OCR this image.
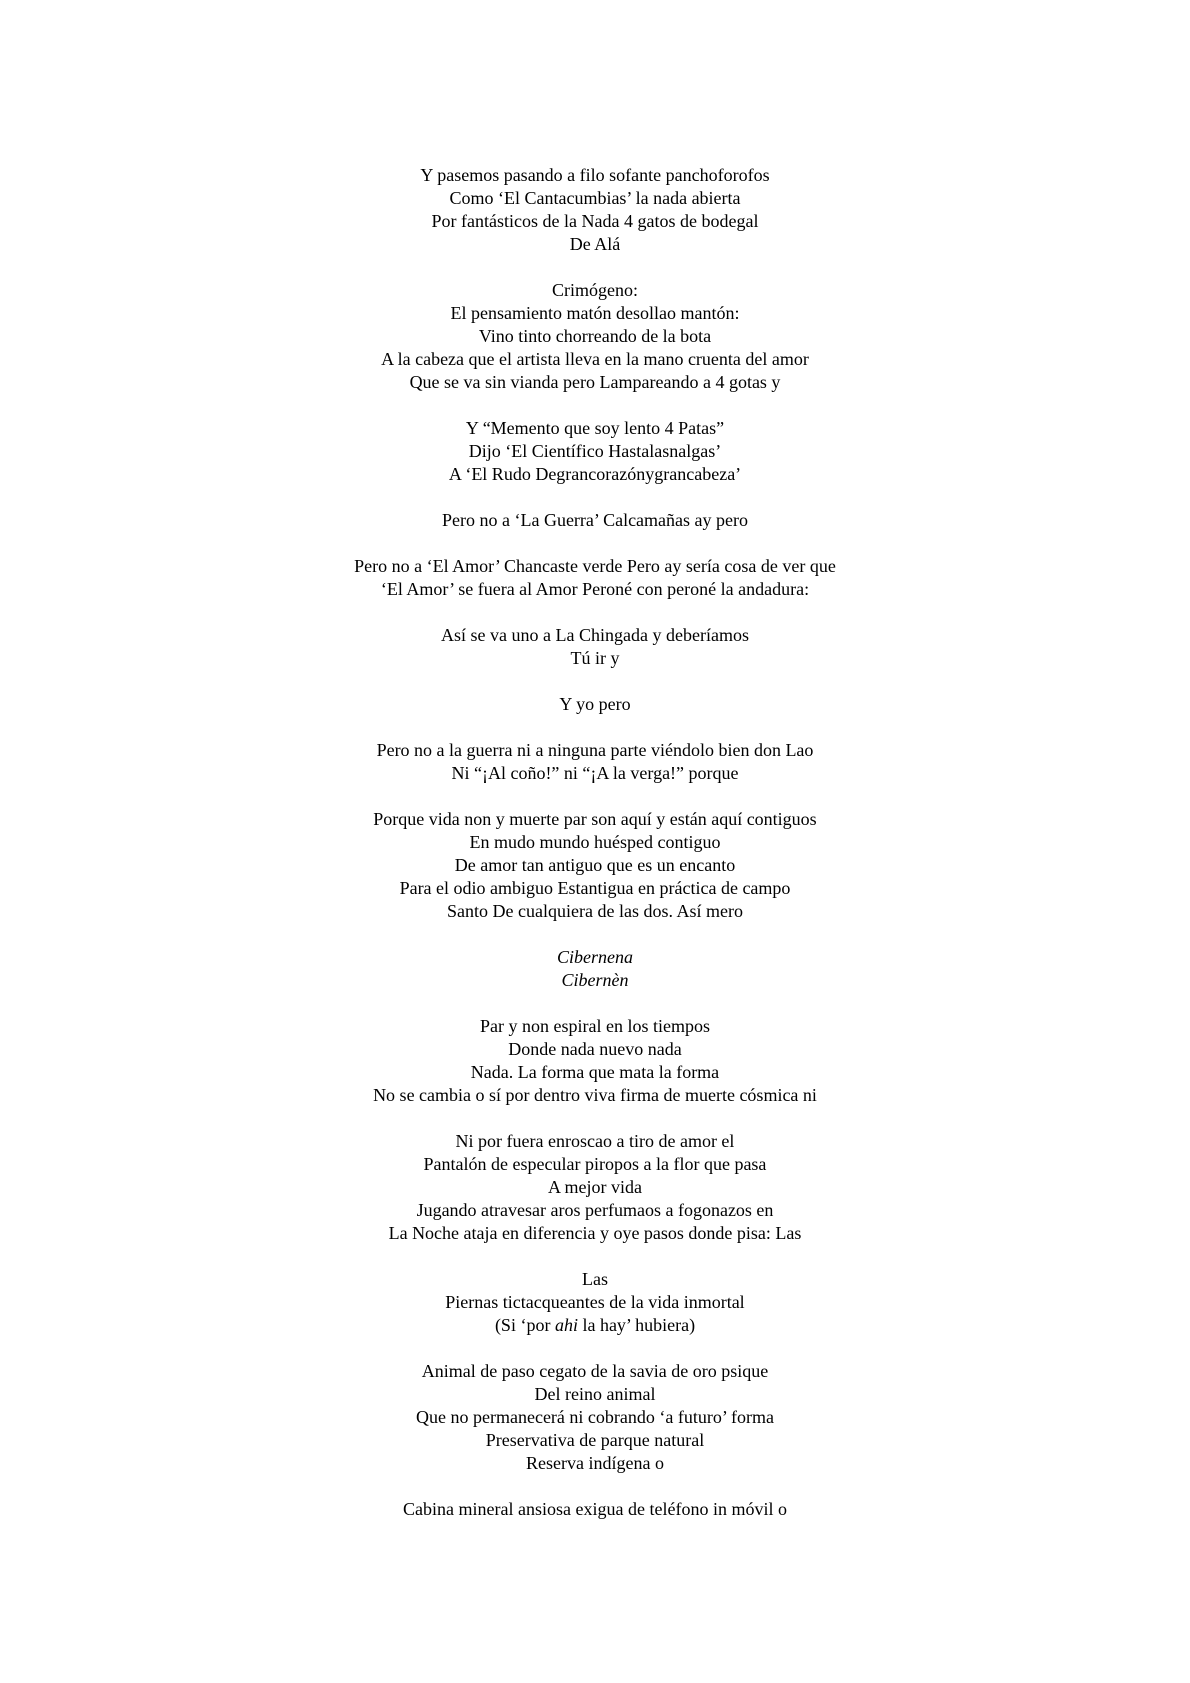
Y pasemos pasando a filo sofante panchoforofos
Como ‘El Cantacumbias’ la nada abierta
Por fantásticos de la Nada 4 gatos de bodegal
De Alá
Crimógeno:
El pensamiento matón desollao mantón:
Vino tinto chorreando de la bota
A la cabeza que el artista lleva en la mano cruenta del amor
Que se va sin vianda pero Lampareando a 4 gotas y
Y “Memento que soy lento 4 Patas”
Dijo ‘El Científico Hastalasnalgas’
A ‘El Rudo Degrancorazónygrancabeza’
Pero no a ‘La Guerra’ Calcamañas ay pero
Pero no a ‘El Amor’ Chancaste verde Pero ay sería cosa de ver que
‘El Amor’ se fuera al Amor Peroné con peroné la andadura:
Así se va uno a La Chingada y deberíamos
Tú ir y
Y yo pero
Pero no a la guerra ni a ninguna parte viéndolo bien don Lao
Ni “¡Al coño!” ni “¡A la verga!” porque
Porque vida non y muerte par son aquí y están aquí contiguos
En mudo mundo huésped contiguo
De amor tan antiguo que es un encanto
Para el odio ambiguo Estantigua en práctica de campo
Santo De cualquiera de las dos. Así mero
Cibernena
Cibernèn
Par y non espiral en los tiempos
Donde nada nuevo nada
Nada. La forma que mata la forma
No se cambia o sí por dentro viva firma de muerte cósmica ni
Ni por fuera enroscao a tiro de amor el
Pantalón de especular piropos a la flor que pasa
A mejor vida
Jugando atravesar aros perfumaos a fogonazos en
La Noche ataja en diferencia y oye pasos donde pisa: Las
Las
Piernas tictacqueantes de la vida inmortal
(Si ‘por ahi la hay’ hubiera)
Animal de paso cegato de la savia de oro psique
Del reino animal
Que no permanecerá ni cobrando ‘a futuro’ forma
Preservativa de parque natural
Reserva indígena o
Cabina mineral ansiosa exigua de teléfono in móvil o
